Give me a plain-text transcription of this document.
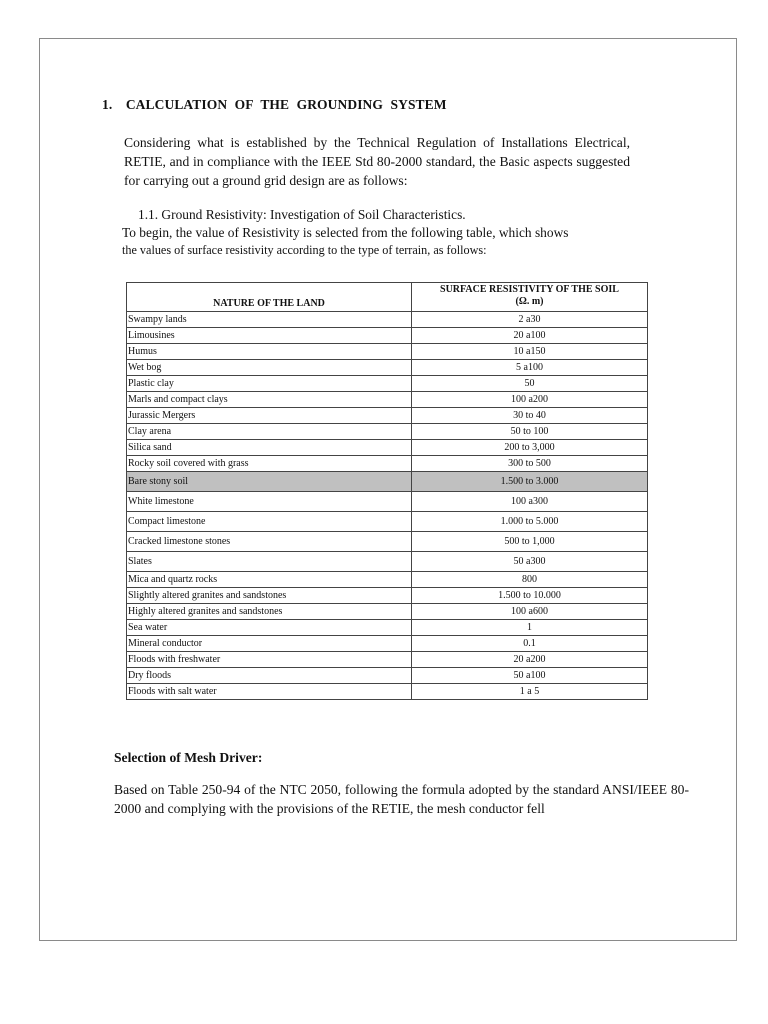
1. CALCULATION OF THE GROUNDING SYSTEM
Considering what is established by the Technical Regulation of Installations Electrical, RETIE, and in compliance with the IEEE Std 80-2000 standard, the Basic aspects suggested for carrying out a ground grid design are as follows:
1.1. Ground Resistivity: Investigation of Soil Characteristics.
To begin, the value of Resistivity is selected from the following table, which shows
the values of surface resistivity according to the type of terrain, as follows:
NATURE OF THE LAND	SURFACE RESISTIVITY OF THE SOIL
(Ω. m)
Swampy lands	2 a30
Limousines	20 a100
Humus	10 a150
Wet bog	5 a100
Plastic clay	50
Marls and compact clays	100 a200
Jurassic Mergers	30 to 40
Clay arena	50 to 100
Silica sand	200 to 3,000
Rocky soil covered with grass	300 to 500
Bare stony soil	1.500 to 3.000
White limestone	100 a300
Compact limestone	1.000 to 5.000
Cracked limestone stones	500 to 1,000
Slates	50 a300
Mica and quartz rocks	800
Slightly altered granites and sandstones	1.500 to 10.000
Highly altered granites and sandstones	100 a600
Sea water	1
Mineral conductor	0.1
Floods with freshwater	20 a200
Dry floods	50 a100
Floods with salt water	1 a 5
Selection of Mesh Driver:
Based on Table 250-94 of the NTC 2050, following the formula adopted by the standard ANSI/IEEE 80-2000 and complying with the provisions of the RETIE, the mesh conductor fell
